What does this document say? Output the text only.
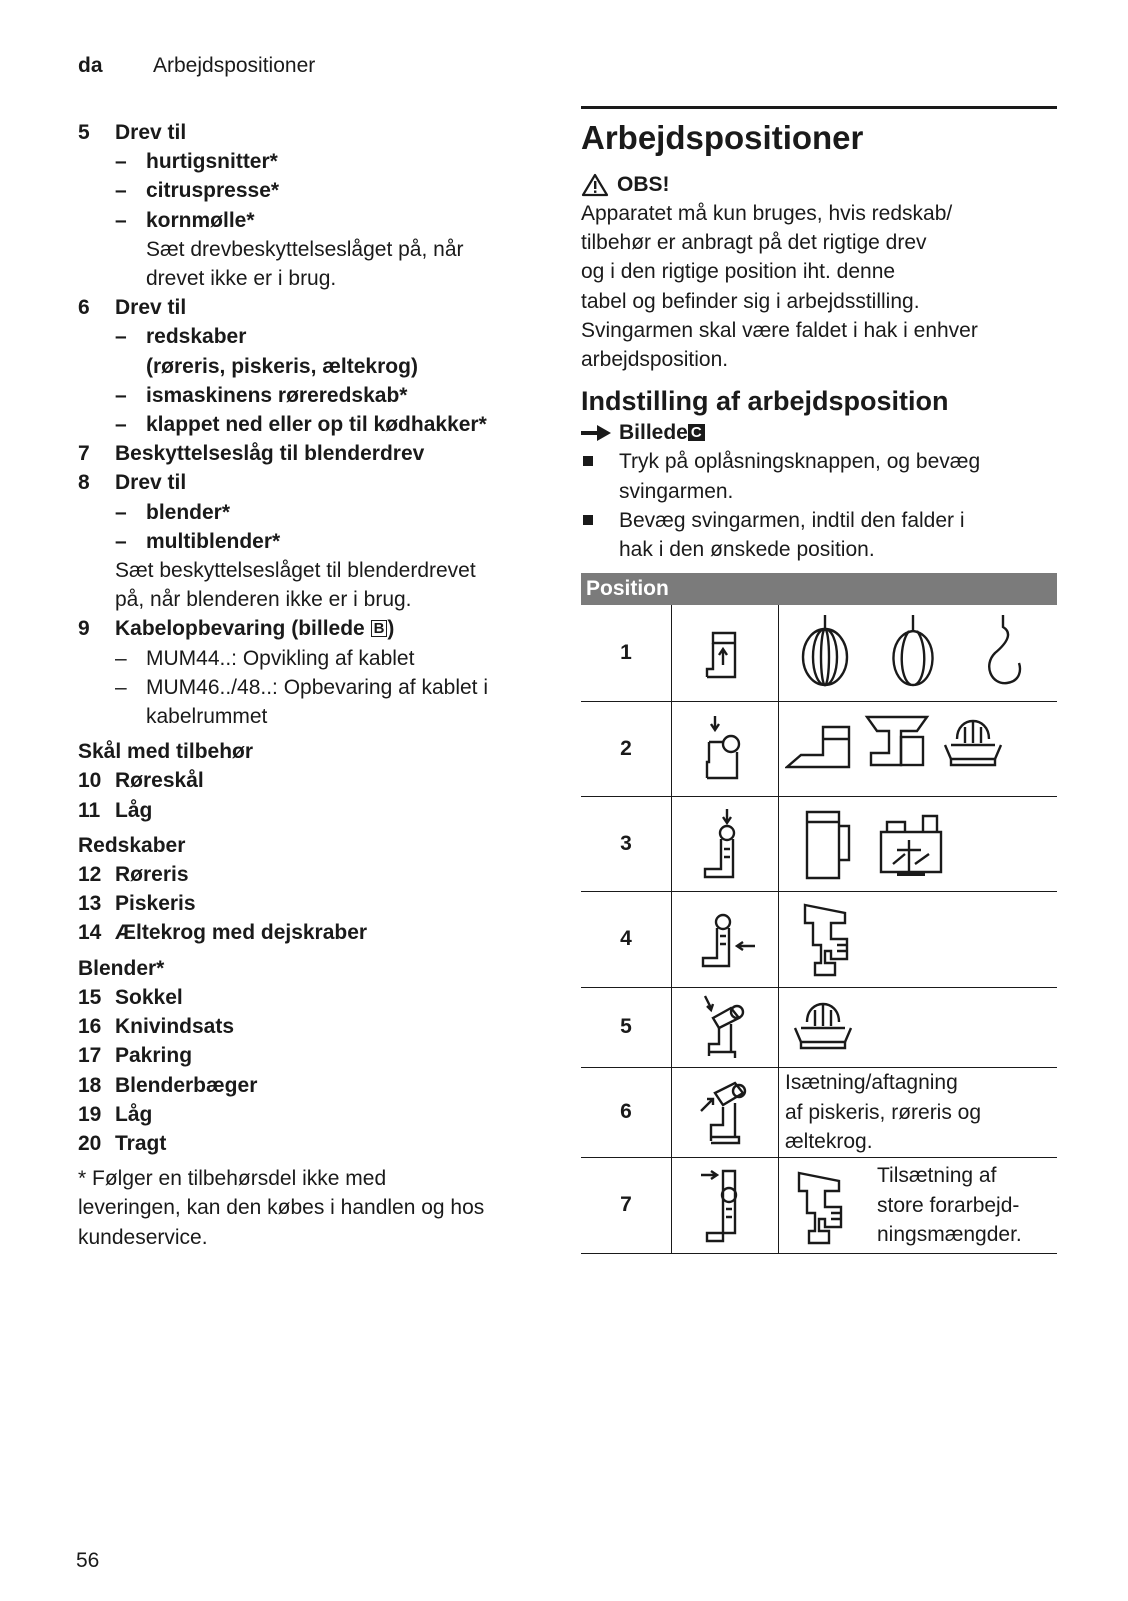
da Arbejdspositioner
5	Drev til
– hurtigsnitter*
– citruspresse*
– kornmølle*
Sæt drevbeskyttelseslåget på, når
drevet ikke er i brug.
6	Drev til
– redskaber
(røreris, piskeris, æltekrog)
– ismaskinens røreredskab*
– klappet ned eller op til kødhakker*
7	Beskyttelseslåg til blenderdrev
8	Drev til
– blender*
– multiblender*
Sæt beskyttelseslåget til blenderdrevet
på, når blenderen ikke er i brug.
9	Kabelopbevaring (billede B )
– MUM44..: Opvikling af kablet
– MUM46../48..: Opbevaring af kablet i
kabelrummet
Skål med tilbehør
10 Røreskål
11 Låg
Redskaber
12 Røreris
13 Piskeris
14 Æltekrog med dejskraber
Blender*
15 Sokkel
16 Knivindsats
17 Pakring
18 Blenderbæger
19 Låg
20 Tragt
* Følger en tilbehørsdel ikke med
leveringen, kan den købes i handlen og hos
kundeservice.
Arbejdspositioner
OBS!
Apparatet må kun bruges, hvis redskab/
tilbehør er anbragt på det rigtige drev
og i den rigtige position iht. denne
tabel og befinder sig i arbejdsstilling.
Svingarmen skal være faldet i hak i enhver
arbejdsposition.
Indstilling af arbejdsposition
Billede C
Tryk på oplåsningsknappen, og bevæg
svingarmen.
Bevæg svingarmen, indtil den falder i
hak i den ønskede position.
Position		
1	

2	

3	

4	

5	

6		Isætning/aftagning
af piskeris, røreris og
æltekrog.

7		Tilsætning af
store forarbejd-
ningsmængder.
56
